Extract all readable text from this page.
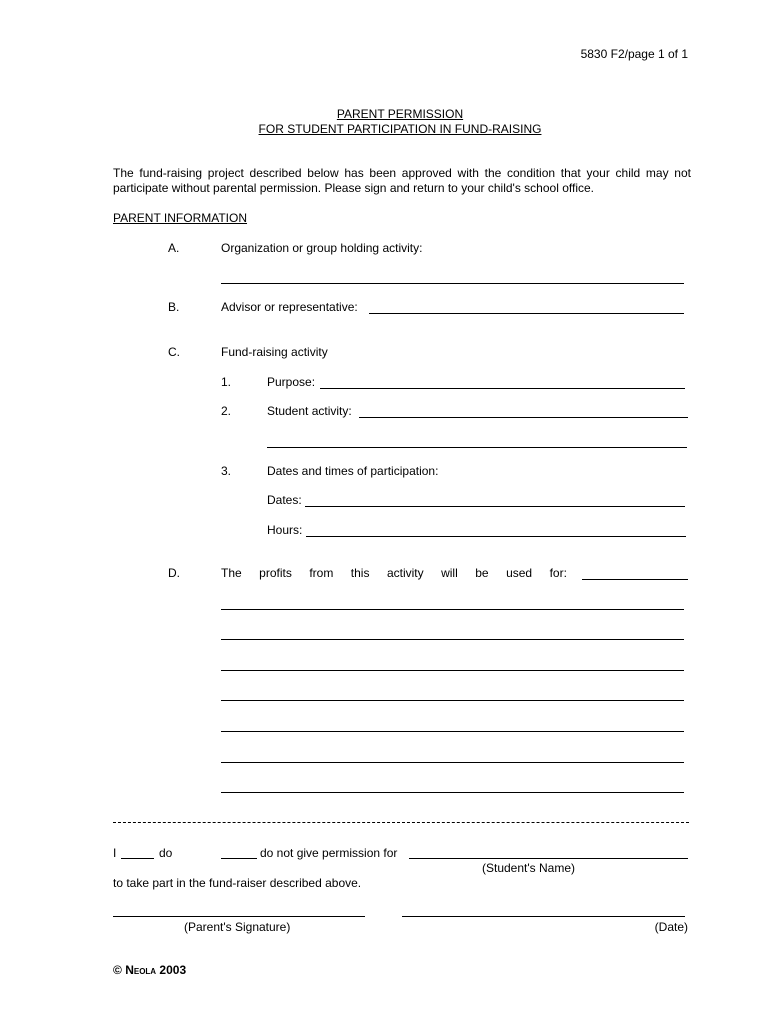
5830 F2/page 1 of 1
PARENT PERMISSION
FOR STUDENT PARTICIPATION IN FUND-RAISING
The fund-raising project described below has been approved with the condition that your child may not participate without parental permission. Please sign and return to your child's school office.
PARENT INFORMATION
A.	Organization or group holding activity:
B.	Advisor or representative:
C.	Fund-raising activity
1.	Purpose:
2.	Student activity:
3.	Dates and times of participation:
Dates:
Hours:
D.	The profits from this activity will be used for:
I	do	do not give permission for
(Student's Name)
to take part in the fund-raiser described above.
(Parent's Signature)	(Date)
© Neola 2003
